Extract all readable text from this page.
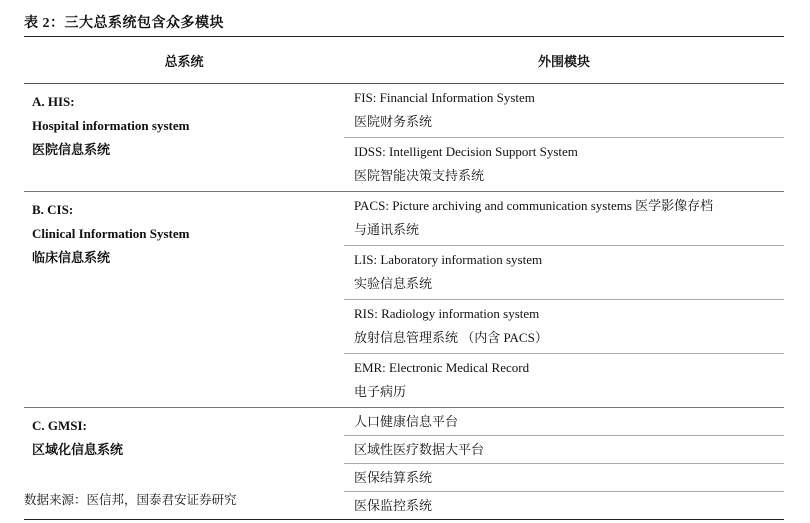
表 2：三大总系统包含众多模块
总系统	外围模块
A. HIS:
Hospital information system
医院信息系统
FIS: Financial Information System
医院财务系统
IDSS: Intelligent Decision Support System
医院智能决策支持系统
B. CIS:
Clinical Information System
临床信息系统
PACS: Picture archiving and communication systems 医学影像存档
与通讯系统
LIS: Laboratory information system
实验信息系统
RIS: Radiology information system
放射信息管理系统 （内含 PACS）
EMR: Electronic Medical Record
电子病历
C. GMSI:
区域化信息系统
人口健康信息平台
区域性医疗数据大平台
医保结算系统
医保监控系统
数据来源：医信邦，国泰君安证券研究
